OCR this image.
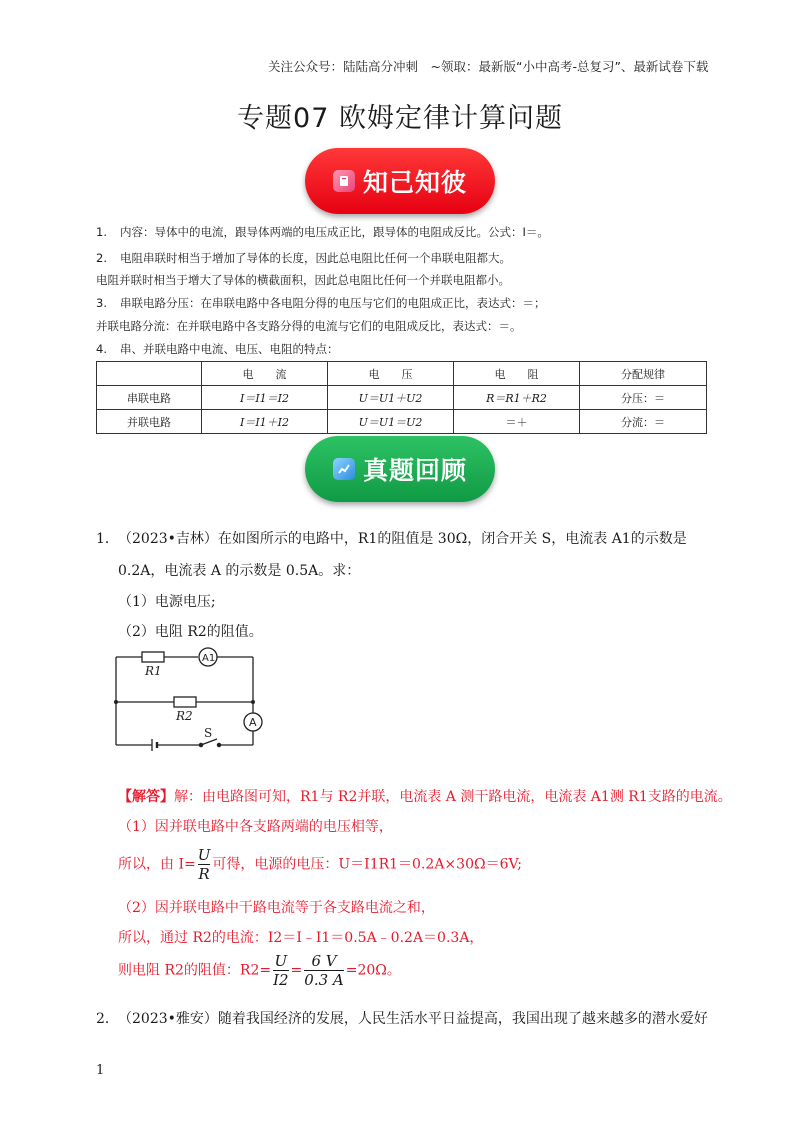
关注公众号：陆陆高分冲刺　~领取：最新版“小中高考-总复习”、最新试卷下载
专题07 欧姆定律计算问题
知己知彼
1. 内容：导体中的电流，跟导体两端的电压成正比，跟导体的电阻成反比。公式：I＝。
2. 电阻串联时相当于增加了导体的长度，因此总电阻比任何一个串联电阻都大。
电阻并联时相当于增大了导体的横截面积，因此总电阻比任何一个并联电阻都小。
3. 串联电路分压：在串联电路中各电阻分得的电压与它们的电阻成正比，表达式：＝；
并联电路分流：在并联电路中各支路分得的电流与它们的电阻成反比，表达式：＝。
4. 串、并联电路中电流、电压、电阻的特点：
	电　　流	电　　压	电　　阻	分配规律
串联电路	I＝I1＝I2	U＝U1＋U2	R＝R1＋R2	分压：＝
并联电路	I＝I1＋I2	U＝U1＝U2	＝＋	分流：＝
真题回顾
1．（2023•吉林）在如图所示的电路中，R1的阻值是 30Ω，闭合开关 S，电流表 A1的示数是
0.2A，电流表 A 的示数是 0.5A。求：
（1）电源电压;
（2）电阻 R2的阻值。
R1
R2
A1
A
S
【解答】解：由电路图可知，R1与 R2并联，电流表 A 测干路电流，电流表 A1测 R1支路的电流。
（1）因并联电路中各支路两端的电压相等，
所以，由 $I= \frac{U}{R}$ 可得，电源的电压：U＝I1R1＝0.2A×30Ω＝6V;
（2）因并联电路中干路电流等于各支路电流之和，
所以，通过 R2的电流：I2＝I﹣I1＝0.5A﹣0.2A＝0.3A，
则电阻 R2的阻值：$R2= \frac{U}{I2} = \frac{6 V}{0.3 A} =20\Omega$。
2．（2023•雅安）随着我国经济的发展，人民生活水平日益提高，我国出现了越来越多的潜水爱好
1
